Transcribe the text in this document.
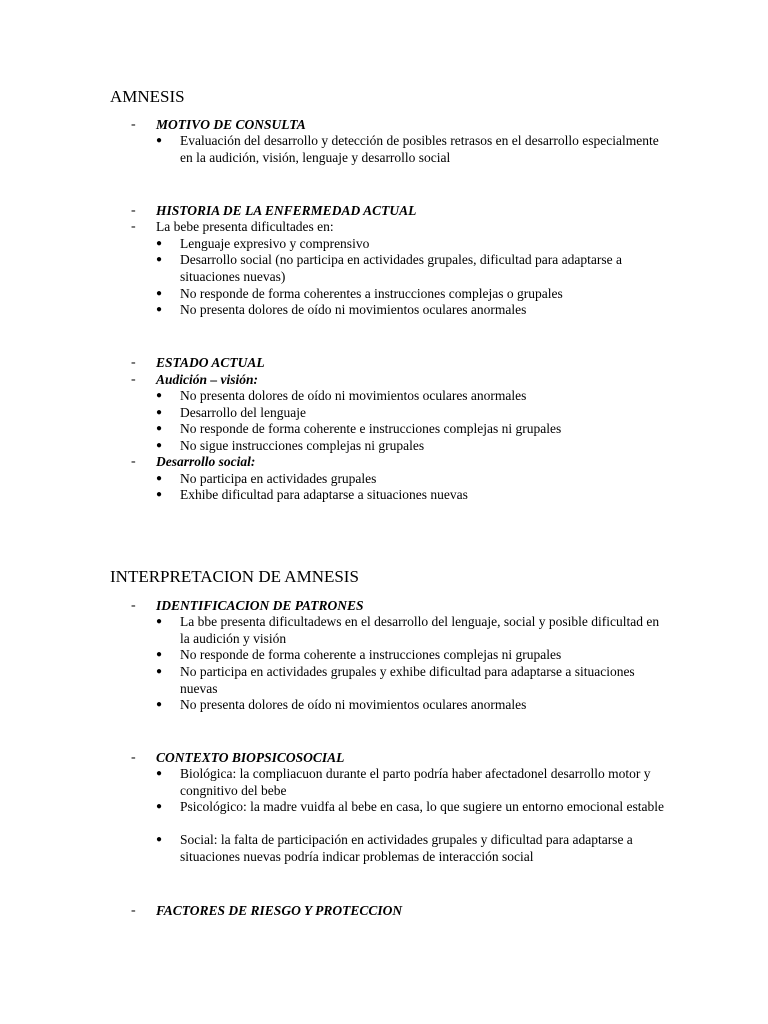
AMNESIS
- MOTIVO DE CONSULTA
● Evaluación del desarrollo y detección de posibles retrasos en el desarrollo especialmente en la audición, visión, lenguaje y desarrollo social
- HISTORIA DE LA ENFERMEDAD ACTUAL
- La bebe presenta dificultades en:
● Lenguaje expresivo y comprensivo
● Desarrollo social (no participa en actividades grupales, dificultad para adaptarse a situaciones nuevas)
● No responde de forma coherentes a instrucciones complejas o grupales
● No presenta dolores de oído ni movimientos oculares anormales
- ESTADO ACTUAL
- Audición – visión:
● No presenta dolores de oído ni movimientos oculares anormales
● Desarrollo del lenguaje
● No responde de forma coherente e instrucciones complejas ni grupales
● No sigue instrucciones complejas ni grupales
- Desarrollo social:
● No participa en actividades grupales
● Exhibe dificultad para adaptarse a situaciones nuevas
INTERPRETACION DE AMNESIS
- IDENTIFICACION DE PATRONES
● La bbe presenta dificultadews en el desarrollo del lenguaje, social y posible dificultad en la audición y visión
● No responde de forma coherente a instrucciones complejas ni grupales
● No participa en actividades grupales y exhibe dificultad para adaptarse a situaciones nuevas
● No presenta dolores de oído ni movimientos oculares anormales
- CONTEXTO BIOPSICOSOCIAL
● Biológica: la compliacuon durante el parto podría haber afectadonel desarrollo motor y congnitivo del bebe
● Psicológico: la madre vuidfa al bebe en casa, lo que sugiere un entorno emocional estable
● Social: la falta de participación en actividades grupales y dificultad para adaptarse a situaciones nuevas podría indicar problemas de interacción social
- FACTORES DE RIESGO Y PROTECCION
